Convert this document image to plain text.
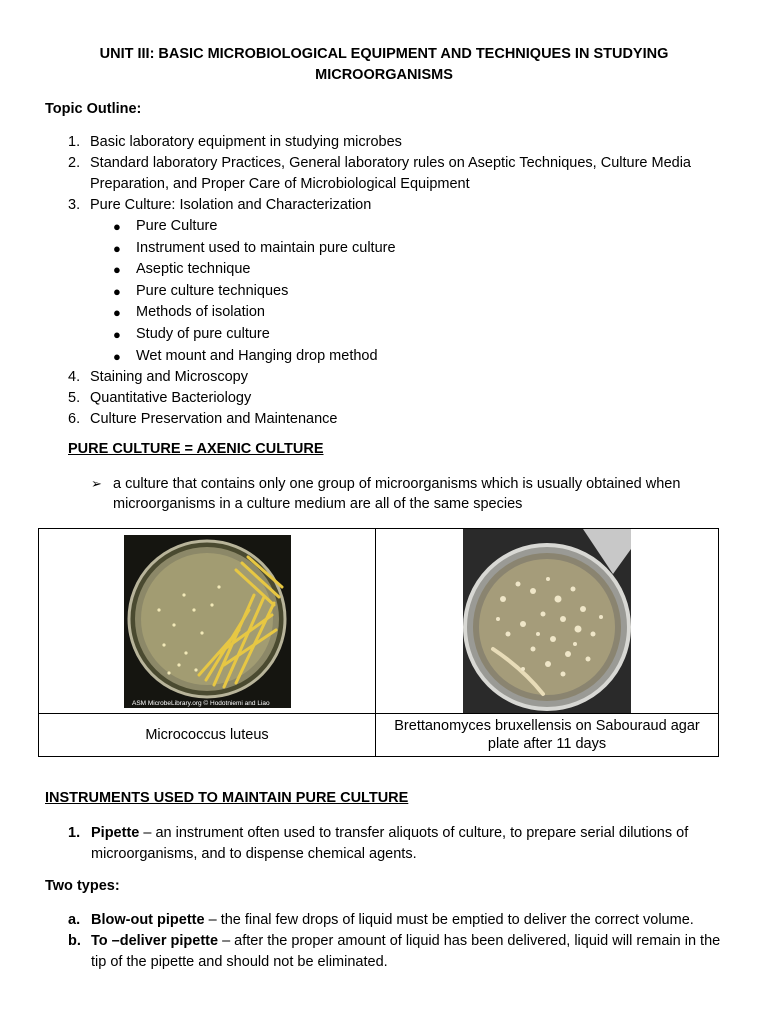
UNIT III: BASIC MICROBIOLOGICAL EQUIPMENT AND TECHNIQUES IN STUDYING MICROORGANISMS
Topic Outline:
1. Basic laboratory equipment in studying microbes
2. Standard laboratory Practices, General laboratory rules on Aseptic Techniques, Culture Media Preparation, and Proper Care of Microbiological Equipment
3. Pure Culture: Isolation and Characterization
●	Pure Culture
●	Instrument used to maintain pure culture
●	Aseptic technique
●	Pure culture techniques
●	Methods of isolation
●	Study of pure culture
●	Wet mount and Hanging drop method
4. Staining and Microscopy
5. Quantitative Bacteriology
6. Culture Preservation and Maintenance
PURE CULTURE = AXENIC CULTURE
➢ a culture that contains only one group of microorganisms which is usually obtained when microorganisms in a culture medium are all of the same species
ASM MicrobeLibrary.org © Hodotniemi and Liao

Micrococcus luteus	Brettanomyces bruxellensis on Sabouraud agar plate after 11 days
INSTRUMENTS USED TO MAINTAIN PURE CULTURE
1. Pipette – an instrument often used to transfer aliquots of culture, to prepare serial dilutions of microorganisms, and to dispense chemical agents.
Two types:
a. Blow-out pipette – the final few drops of liquid must be emptied to deliver the correct volume.
b. To –deliver pipette – after the proper amount of liquid has been delivered, liquid will remain in the tip of the pipette and should not be eliminated.
